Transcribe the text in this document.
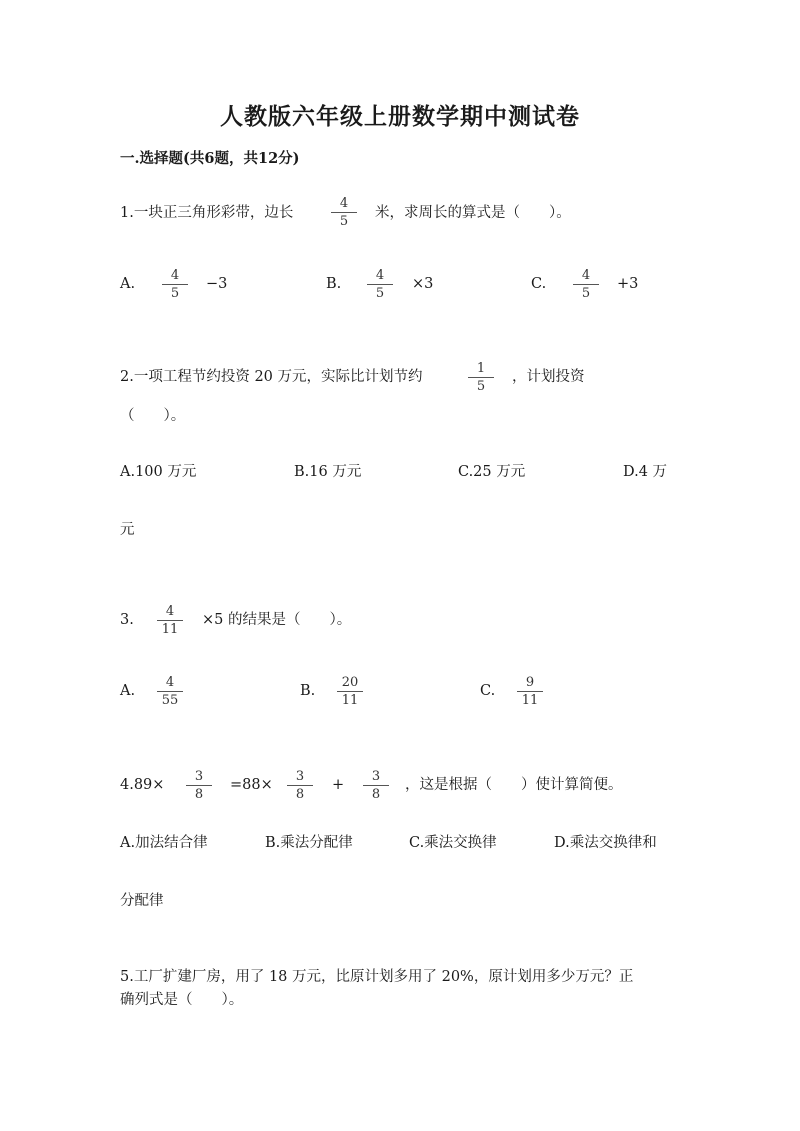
人教版六年级上册数学期中测试卷
一.选择题(共6题，共12分)
1.一块正三角形彩带，边长
4
5
米，求周长的算式是（　　）。
A.
4
5
−3	B.
4
5
×3	C.
4
5
+3
2.一项工程节约投资 20 万元，实际比计划节约
1
5
，计划投资
（　　）。
A.100 万元	B.16 万元	C.25 万元	D.4 万
元
3.
4
11
×5 的结果是（　　）。
A.
4
55
B.
20
11
C.
9
11
4.89×
3
8
=88×
3
8
+
3
8
，这是根据（　　）使计算简便。
A.加法结合律	B.乘法分配律	C.乘法交换律	D.乘法交换律和
分配律
5.工厂扩建厂房，用了 18 万元，比原计划多用了 20%，原计划用多少万元？正
确列式是（　　）。
